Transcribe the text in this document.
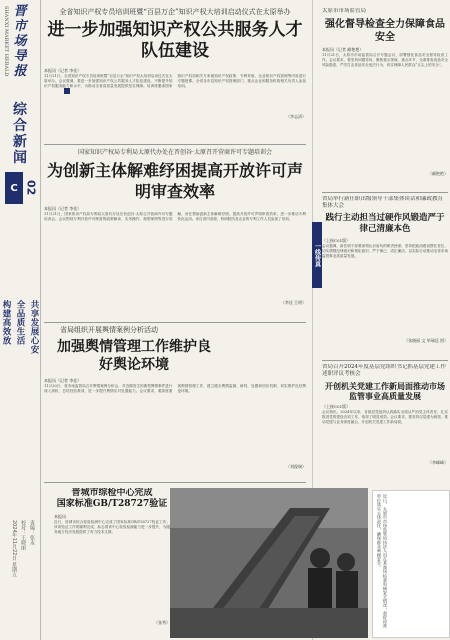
晋
市
场
导
报
SHANXI MARKET HERALD
综
合
新
闻
C 02
共享发展心安
全品质生活
构建高效放
责编：张永
校对：王晓丽
2024年11月22日 星期五
一线传真
全省知识产权专员培训班暨“百县万企”知识产权大培训启动仪式在太原举办
进一步加强知识产权公共服务人才队伍建设
本报讯（记者 李佳）
11月21日，全省知识产权专员培训班暨“百县万企”知识产权大培训启动仪式在太原举办。会议强调，要进一步加强知识产权公共服务人才队伍建设，不断提升知识产权服务能力和水平，为推动全省高质量发展提供坚实保障。培训班邀请国家知识产权局相关专家就知识产权政策、专利导航、企业知识产权管理等内容进行专题授课。全省各市县知识产权管理部门、重点企业和服务机构相关负责人参加培训。
（李志清）
国家知识产权局专利局太原代办处在晋创谷·太原召开营商许可专题培训会
为创新主体解难纾困提高开放许可声明审查效率
本报讯（记者 李佳）
11月21日，国家知识产权局专利局太原代办处在晋创谷·太原召开营商许可专题培训会。会议围绕专利开放许可制度的政策解读、实务操作、典型案例等进行讲解，旨在帮助创新主体解难纾困，提高开放许可声明审查效率，进一步推动专利转化运用。来自省内高校、科研院所及企业的专利工作人员参加了培训。
（李佳 王明）
省局组织开展舆情案例分析活动
加强舆情管理工作维护良好舆论环境
本报讯（记者 李佳）
11月20日，省市场监管局召开舆情案例分析会，对近期发生的典型舆情事件进行深入剖析，总结经验教训，进一步提升舆情应对处置能力。会议要求，要高度重视舆情管理工作，建立健全舆情监测、研判、处置和回应机制，切实维护良好舆论环境。
（刘俊瑞）
晋城市综检中心完成
国家标准GB/T28727验证
本报讯
近日，晋城市综合检验检测中心完成了国家标准GB/T28727验证工作。该项验证工作的顺利完成，标志着该中心检验检测能力进一步提升，为服务地方经济发展提供了有力技术支撑。
（张秀）
太原市市场监管局
强化督导检查全力保障食品安全
本报讯（记者 颜艳艳）
11月21日，太原市市场监管局召开专题会议，部署强化食品安全督导检查工作。会议要求，要坚持问题导向，聚焦重点领域、重点环节，全面排查食品安全风险隐患，严厉打击食品安全违法行为，切实保障人民群众“舌尖上的安全”。
（颜艳艳）
省局举行新任职出级领导干部集体谈话和廉政教育集体大会
践行主动担当过硬作风锻造严于律己清廉本色
（上接C01版）
会议强调，新任职干部要深刻认识肩负的职责使命，坚持把政治建设摆在首位，切实增强纪律意识和规矩意识，严于律己、清正廉洁，以实际行动推动全省市场监管事业高质量发展。
（张晓丽 文 毕瑞廷 图）
省局召开2024年度基层党组织书记抓基层党建工作述职评议考核会
开创机关党建工作新局面推动市场监管事业高质量发展
（上接C01版）
会议指出，2024年以来，各基层党组织认真落实全面从严治党主体责任，扎实推进党的建设各项工作，取得了明显成效。会议要求，要坚持以党建为统领，推动党建与业务深度融合，开创机关党建工作新局面。
（李峰峰）
近日，太原市市场监管局执法人员在某商场检查电梯安全情况，督促经营单位落实主体责任，确保群众乘梯安全。
